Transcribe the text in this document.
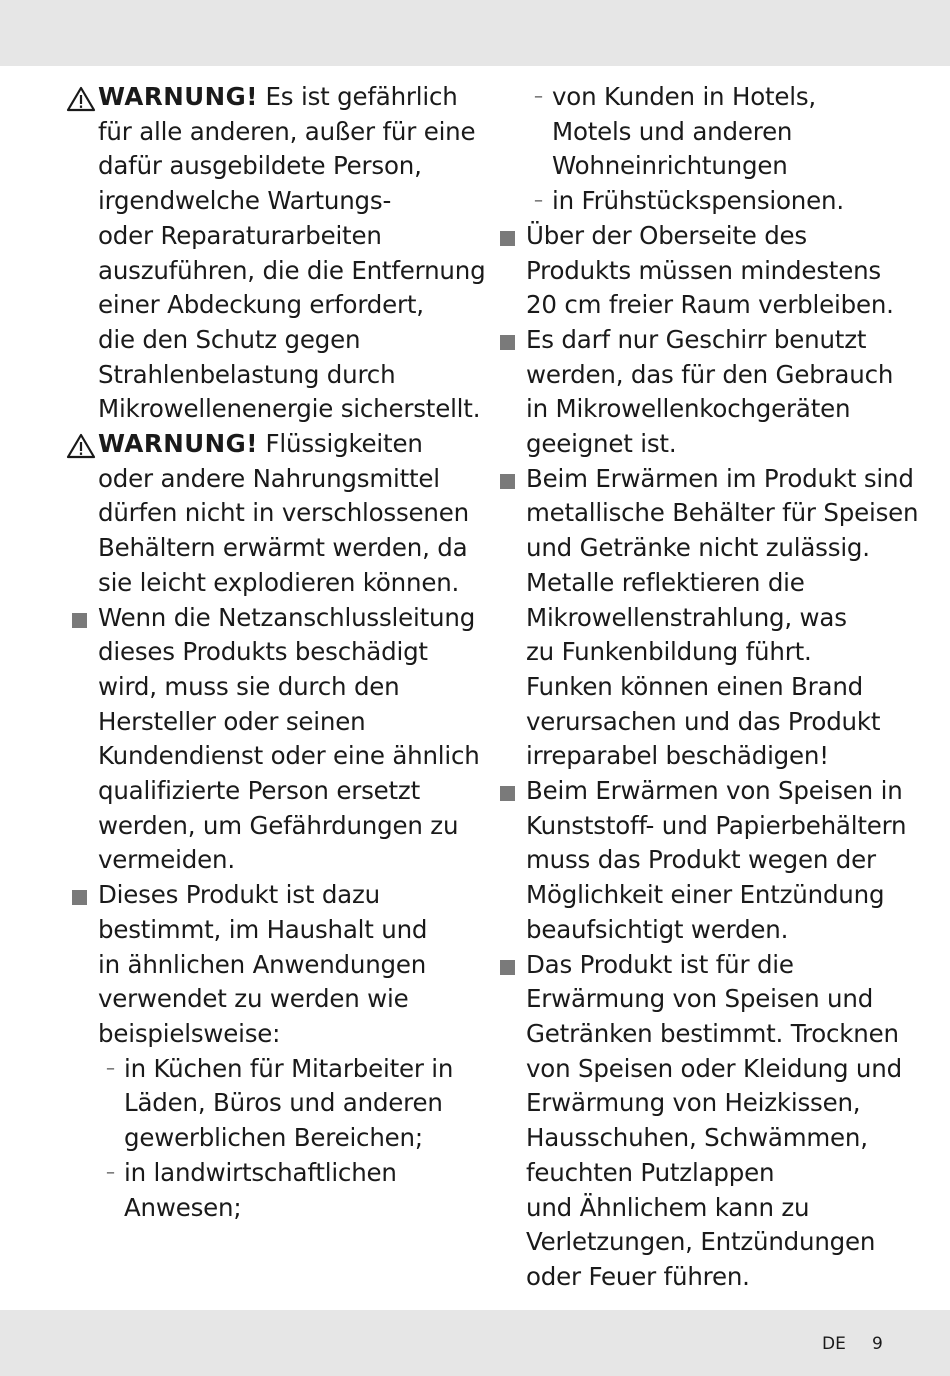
WARNUNG! Es ist gefährlich
für alle anderen, außer für eine
dafür ausgebildete Person,
irgendwelche Wartungs-
oder Reparaturarbeiten
auszuführen, die die Entfernung
einer Abdeckung erfordert,
die den Schutz gegen
Strahlenbelastung durch
Mikrowellenenergie sicherstellt.
WARNUNG! Flüssigkeiten
oder andere Nahrungsmittel
dürfen nicht in verschlossenen
Behältern erwärmt werden, da
sie leicht explodieren können.
Wenn die Netzanschlussleitung
dieses Produkts beschädigt
wird, muss sie durch den
Hersteller oder seinen
Kundendienst oder eine ähnlich
qualifizierte Person ersetzt
werden, um Gefährdungen zu
vermeiden.
Dieses Produkt ist dazu
bestimmt, im Haushalt und
in ähnlichen Anwendungen
verwendet zu werden wie
beispielsweise:
– in Küchen für Mitarbeiter in
Läden, Büros und anderen
gewerblichen Bereichen;
– in landwirtschaftlichen
Anwesen;
– von Kunden in Hotels,
Motels und anderen
Wohneinrichtungen
– in Frühstückspensionen.
Über der Oberseite des
Produkts müssen mindestens
20 cm freier Raum verbleiben.
Es darf nur Geschirr benutzt
werden, das für den Gebrauch
in Mikrowellenkochgeräten
geeignet ist.
Beim Erwärmen im Produkt sind
metallische Behälter für Speisen
und Getränke nicht zulässig.
Metalle reflektieren die
Mikrowellenstrahlung, was
zu Funkenbildung führt.
Funken können einen Brand
verursachen und das Produkt
irreparabel beschädigen!
Beim Erwärmen von Speisen in
Kunststoff- und Papierbehältern
muss das Produkt wegen der
Möglichkeit einer Entzündung
beaufsichtigt werden.
Das Produkt ist für die
Erwärmung von Speisen und
Getränken bestimmt. Trocknen
von Speisen oder Kleidung und
Erwärmung von Heizkissen,
Hausschuhen, Schwämmen,
feuchten Putzlappen
und Ähnlichem kann zu
Verletzungen, Entzündungen
oder Feuer führen.
DE 9
